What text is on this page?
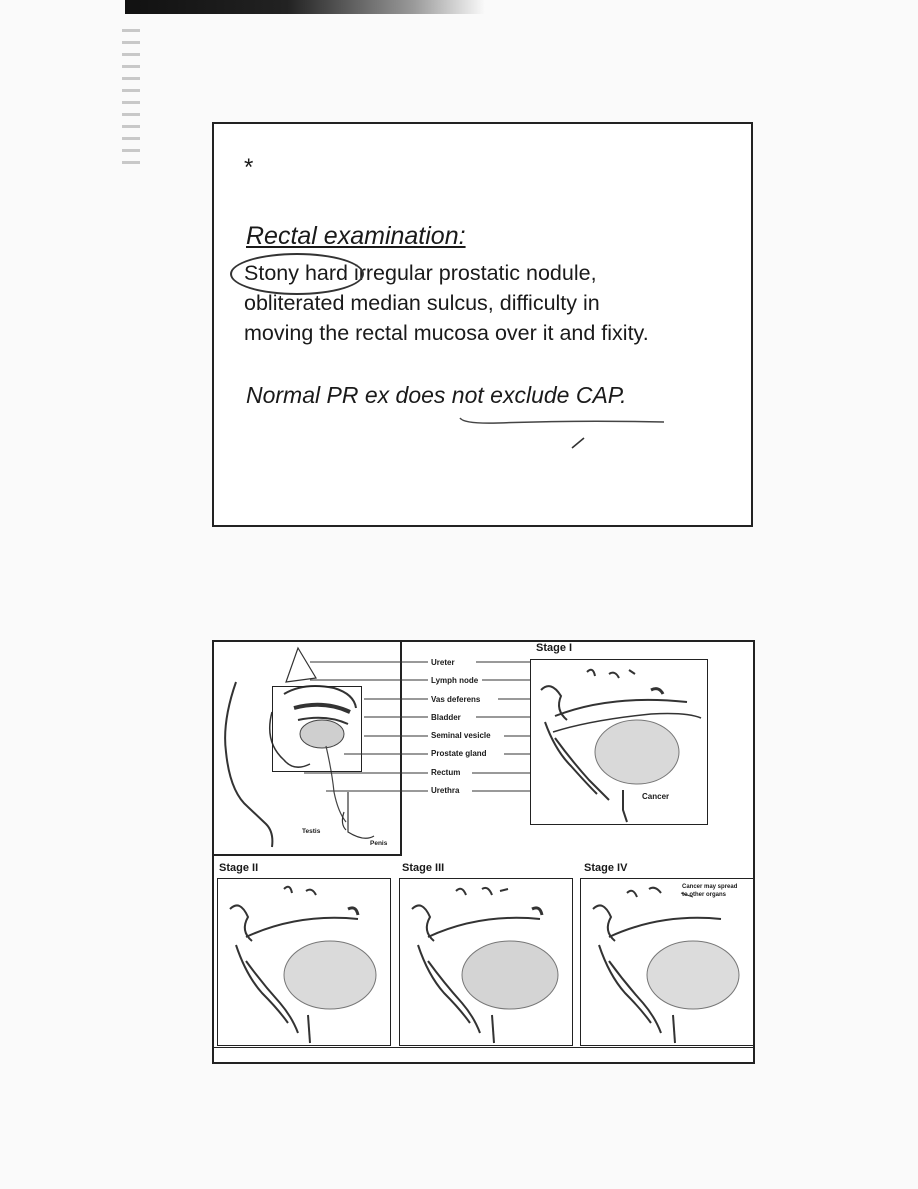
*
Rectal examination:
Stony hard irregular prostatic nodule,
obliterated median sulcus, difficulty in
moving the rectal mucosa over it and fixity.
Normal PR ex does not exclude CAP.
Testis
Penis
Ureter
Lymph node
Vas deferens
Bladder
Seminal vesicle
Prostate gland
Rectum
Urethra
Stage I
Cancer
Stage II	Stage III	Stage IV
Cancer may spread to other organs
